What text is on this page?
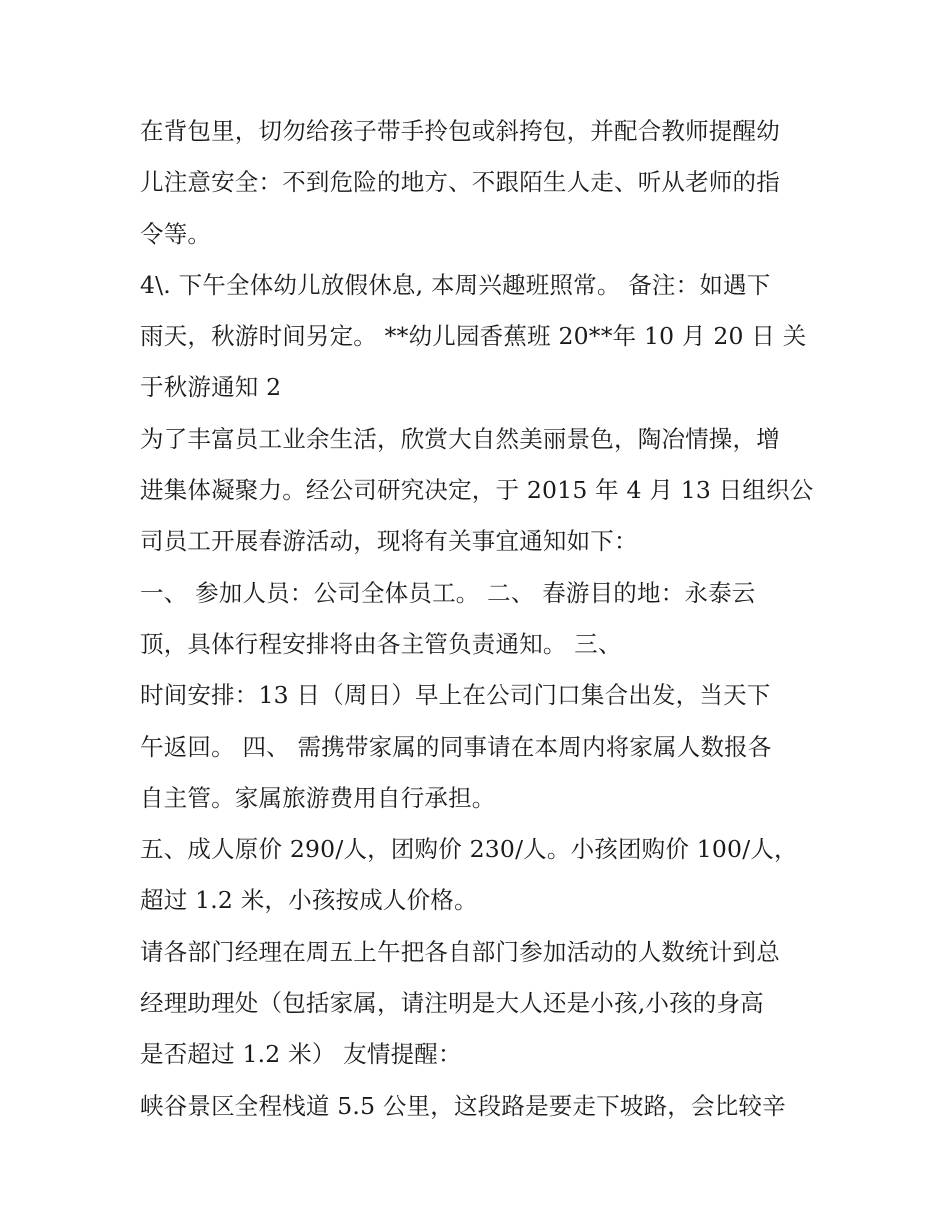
在背包里，切勿给孩子带手拎包或斜挎包，并配合教师提醒幼
儿注意安全：不到危险的地方、不跟陌生人走、听从老师的指
令等。
4\. 下午全体幼儿放假休息, 本周兴趣班照常。 备注：如遇下
雨天，秋游时间另定。 **幼儿园香蕉班 20**年 10 月 20 日 关
于秋游通知 2
为了丰富员工业余生活，欣赏大自然美丽景色，陶冶情操，增
进集体凝聚力。经公司研究决定，于 2015 年 4 月 13 日组织公
司员工开展春游活动，现将有关事宜通知如下：
一、 参加人员：公司全体员工。 二、 春游目的地：永泰云
顶，具体行程安排将由各主管负责通知。 三、
时间安排：13 日（周日）早上在公司门口集合出发，当天下
午返回。 四、 需携带家属的同事请在本周内将家属人数报各
自主管。家属旅游费用自行承担。
五、成人原价 290/人，团购价 230/人。小孩团购价 100/人，
超过 1.2 米，小孩按成人价格。
请各部门经理在周五上午把各自部门参加活动的人数统计到总
经理助理处（包括家属，请注明是大人还是小孩,小孩的身高
是否超过 1.2 米） 友情提醒：
峡谷景区全程栈道 5.5 公里，这段路是要走下坡路，会比较辛
